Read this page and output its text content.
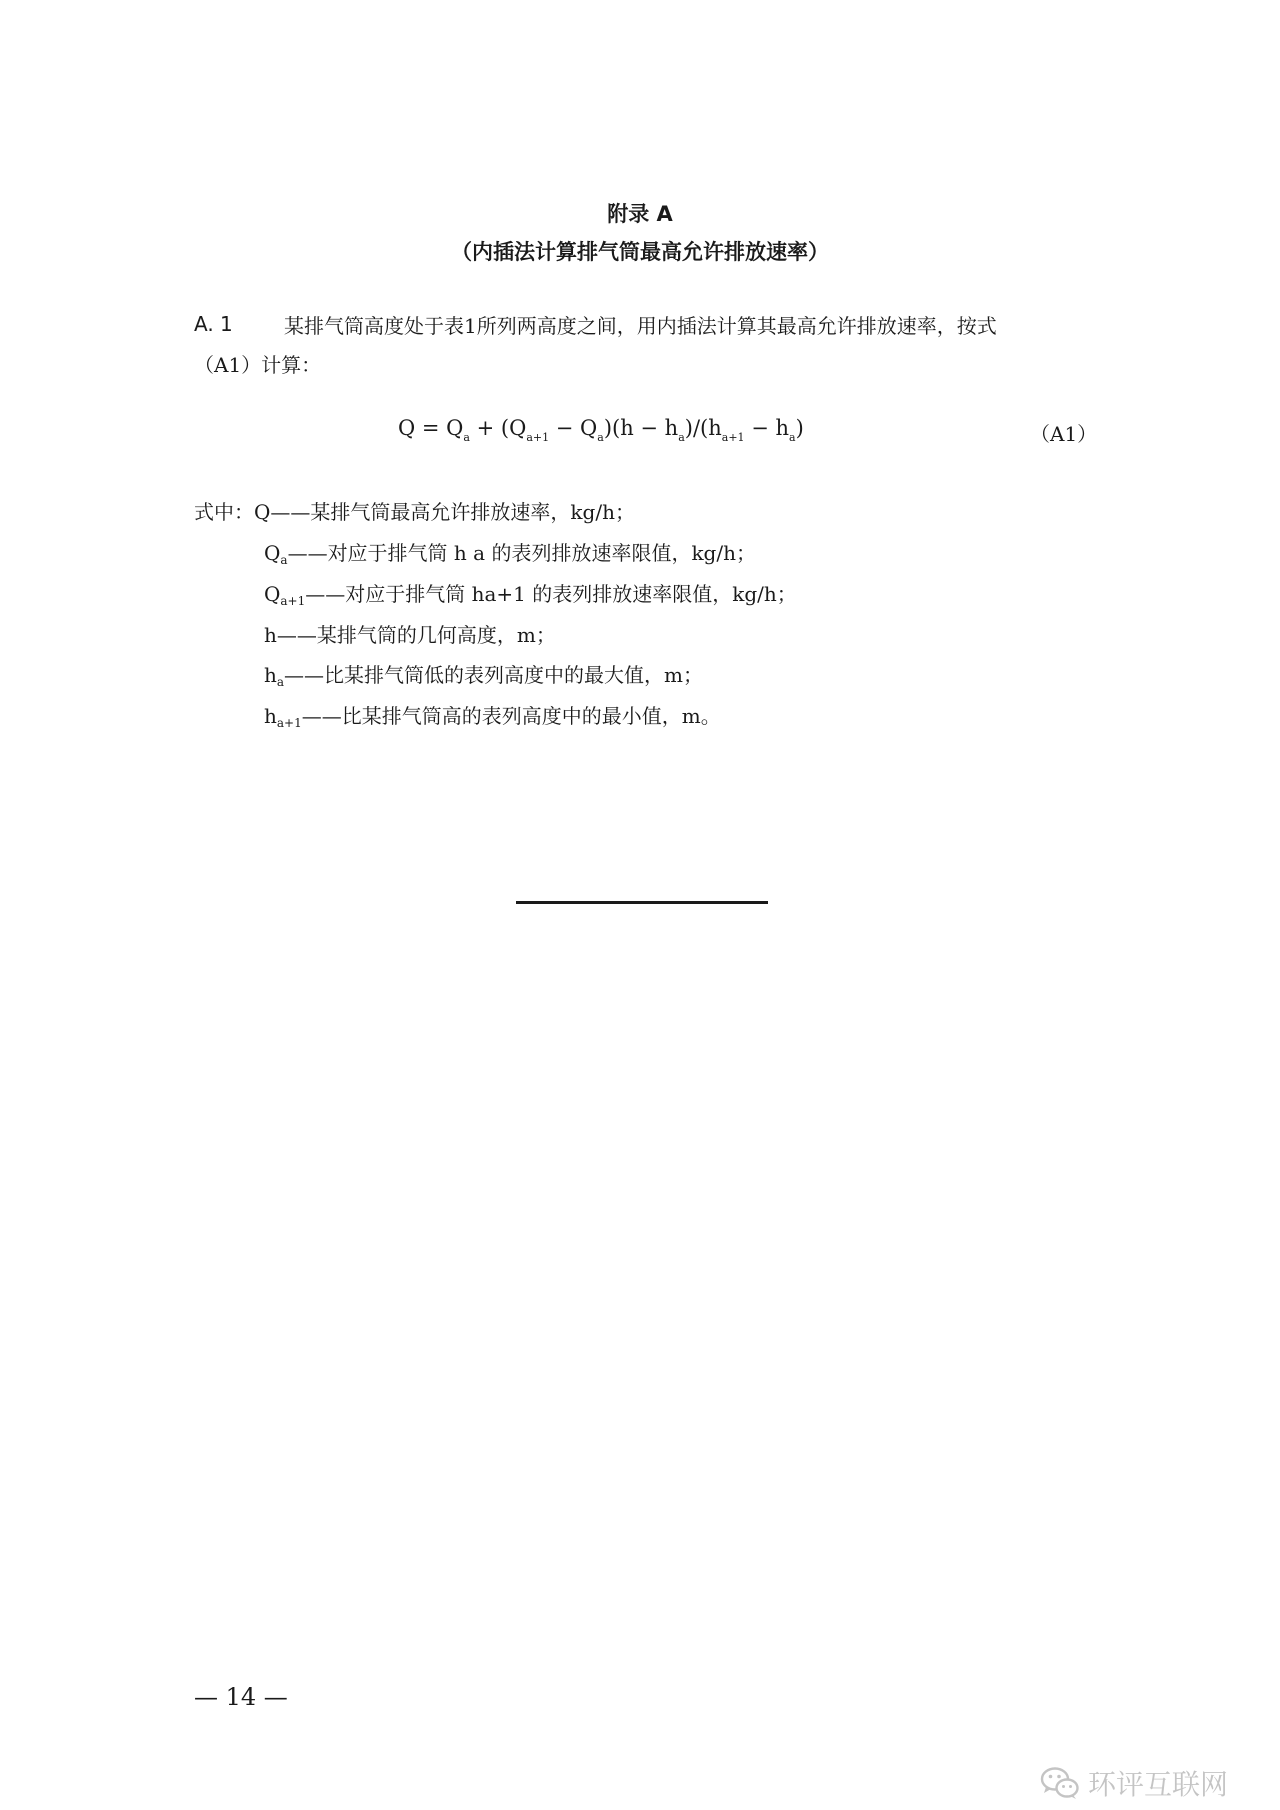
附录 A
（内插法计算排气筒最高允许排放速率）
A. 1	某排气筒高度处于表1所列两高度之间，用内插法计算其最高允许排放速率，按式
（A1）计算：
$Q = Q_a + (Q_{a+1} - Q_a)(h - h_a)/(h_{a+1} - h_a)$	（A1）
式中：Q——某排气筒最高允许排放速率，kg/h；
$Q_a——$对应于排气筒 h a 的表列排放速率限值，kg/h；
$Q_{a+1}——$对应于排气筒 ha+1 的表列排放速率限值，kg/h；
h——某排气筒的几何高度，m；
$h_a——$比某排气筒低的表列高度中的最大值，m；
$h_{a+1}——$比某排气筒高的表列高度中的最小值，m。
— 14 —
环评互联网
